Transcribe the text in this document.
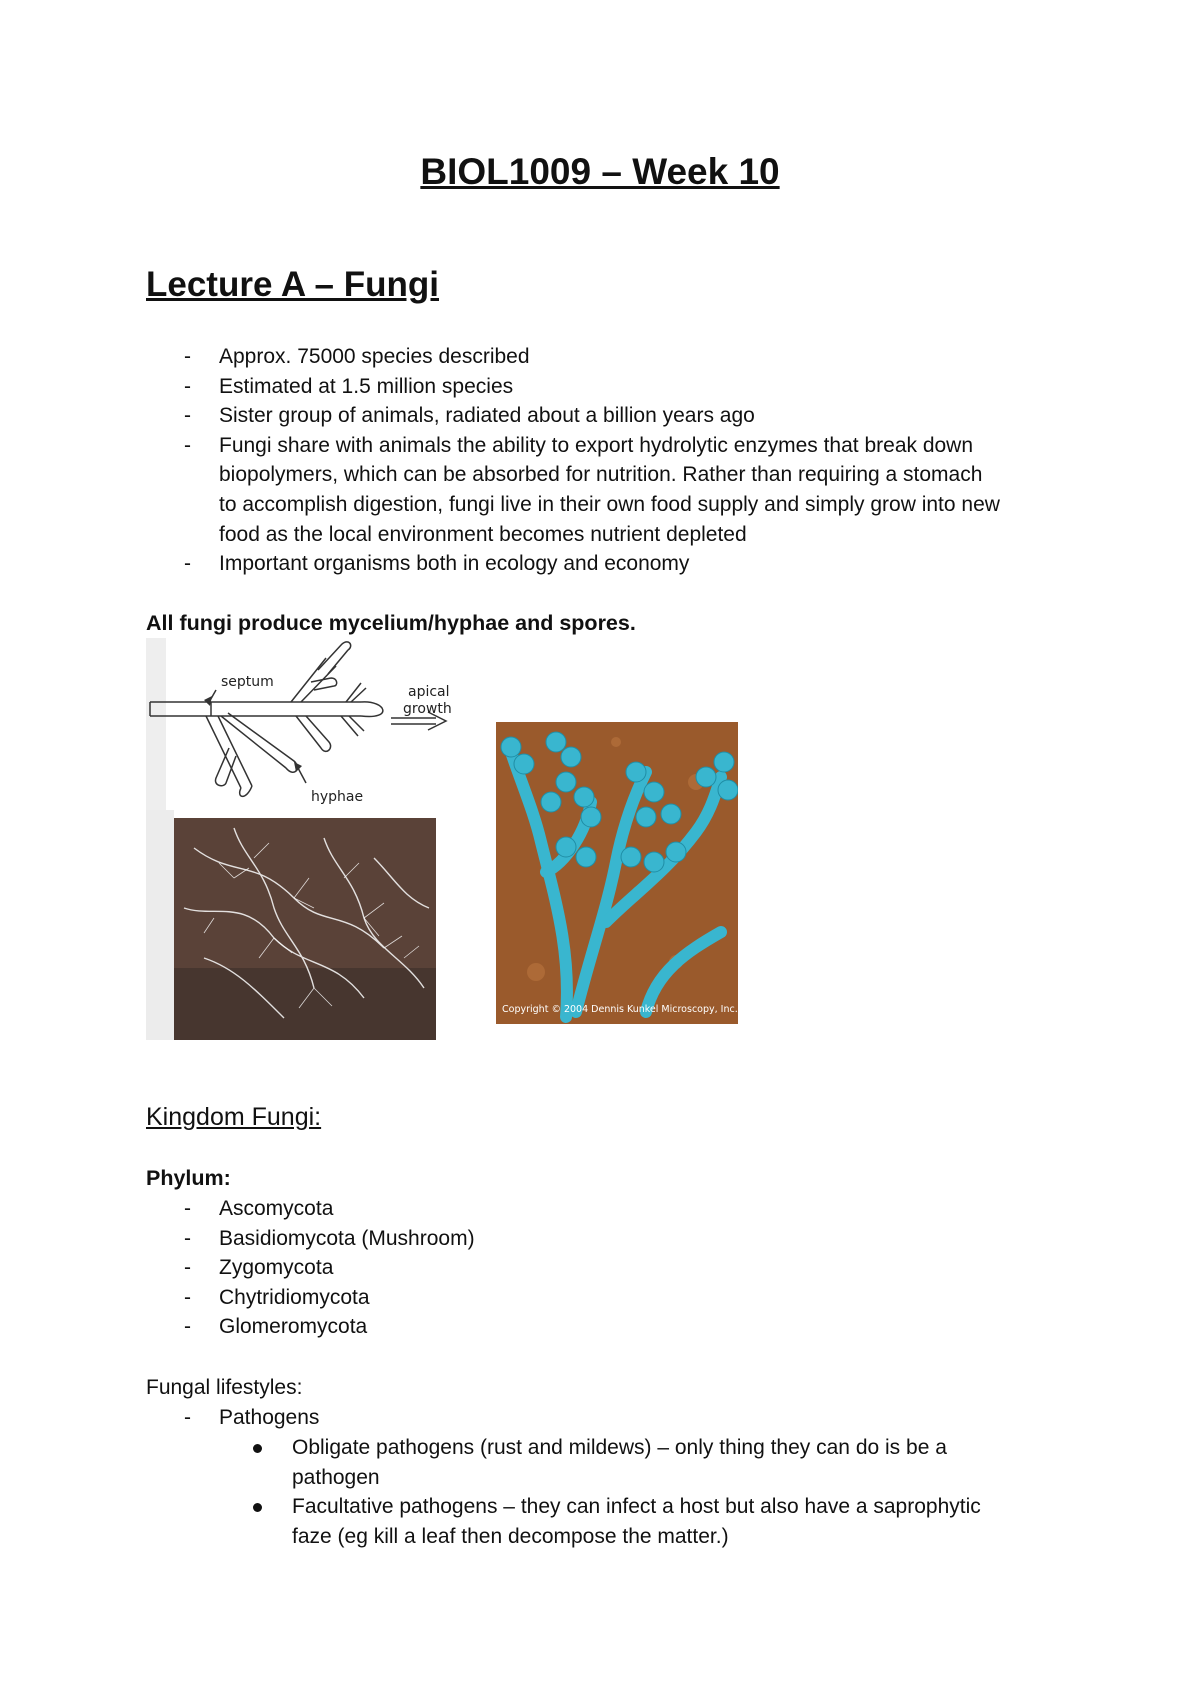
BIOL1009 – Week 10
Lecture A – Fungi
- Approx. 75000 species described
- Estimated at 1.5 million species
- Sister group of animals, radiated about a billion years ago
- Fungi share with animals the ability to export hydrolytic enzymes that break down
biopolymers, which can be absorbed for nutrition. Rather than requiring a stomach
to accomplish digestion, fungi live in their own food supply and simply grow into new
food as the local environment becomes nutrient depleted
- Important organisms both in ecology and economy
All fungi produce mycelium/hyphae and spores.
septum
apical
growth
hyphae
Copyright © 2004 Dennis Kunkel Microscopy, Inc.
Kingdom Fungi:
Phylum:
- Ascomycota
- Basidiomycota (Mushroom)
- Zygomycota
- Chytridiomycota
- Glomeromycota
Fungal lifestyles:
- Pathogens
Obligate pathogens (rust and mildews) – only thing they can do is be a
pathogen
Facultative pathogens – they can infect a host but also have a saprophytic
faze (eg kill a leaf then decompose the matter.)
